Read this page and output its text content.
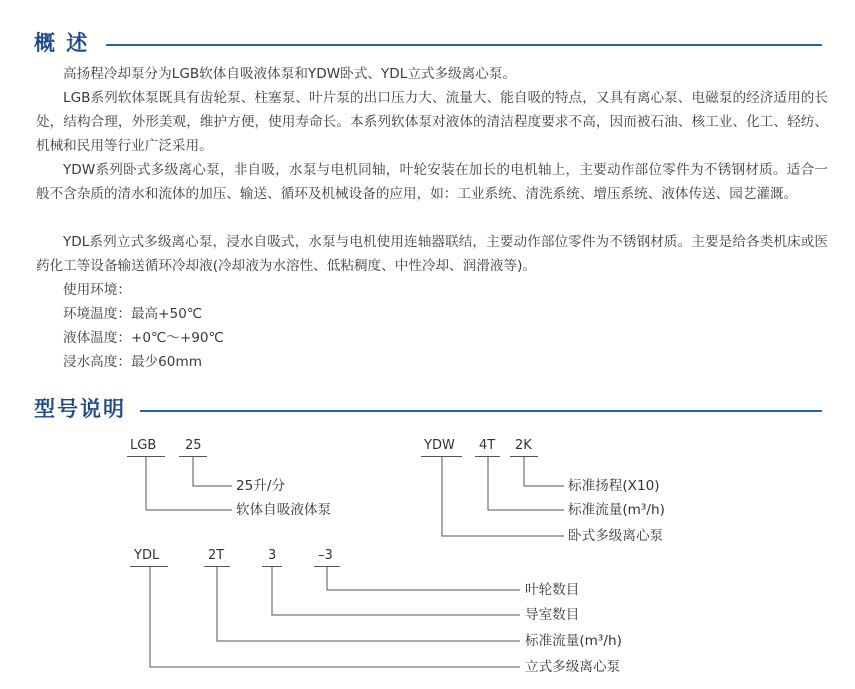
概 述

高扬程冷却泵分为LGB软体自吸液体泵和YDW卧式、YDL立式多级离心泵。

LGB系列软体泵既具有齿轮泵、柱塞泵、叶片泵的出口压力大、流量大、能自吸的特点，又具有离心泵、电磁泵的经济适用的长处，结构合理，外形美观，维护方便，使用寿命长。本系列软体泵对液体的清洁程度要求不高，因而被石油、核工业、化工、轻纺、机械和民用等行业广泛采用。

YDW系列卧式多级离心泵，非自吸，水泵与电机同轴，叶轮安装在加长的电机轴上，主要动作部位零件为不锈钢材质。适合一般不含杂质的清水和流体的加压、输送、循环及机械设备的应用，如：工业系统、清洗系统、增压系统、液体传送、园艺灌溉。

YDL系列立式多级离心泵，浸水自吸式，水泵与电机使用连轴器联结，主要动作部位零件为不锈钢材质。主要是给各类机床或医药化工等设备输送循环冷却液(冷却液为水溶性、低粘稠度、中性冷却、润滑液等)。

使用环境：

环境温度：最高+50℃

液体温度：+0℃～+90℃

浸水高度：最少60mm

型号说明
LGB 25
25升/分
软体自吸液体泵
YDW 4T 2K
标准扬程(X10)
标准流量(m³/h)
卧式多级离心泵
YDL	2T	3	–3
叶轮数目
导室数目
标准流量(m³/h)
立式多级离心泵
